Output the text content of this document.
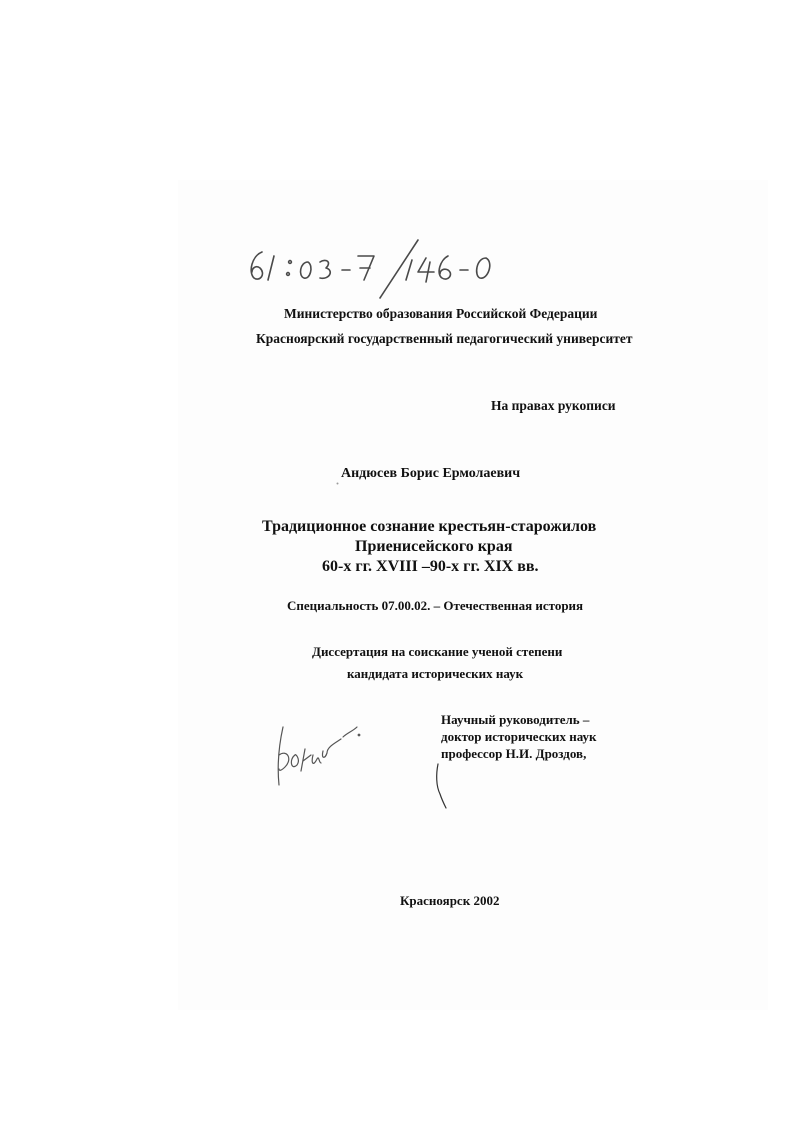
Министерство образования Российской Федерации
Красноярский государственный педагогический университет
На правах рукописи
Андюсев Борис Ермолаевич
Традиционное сознание крестьян-старожилов
Приенисейского края
60-х гг. XVIII –90-х гг. XIX вв.
Специальность 07.00.02. – Отечественная история
Диссертация на соискание ученой степени
кандидата исторических наук
Научный руководитель –
доктор исторических наук
профессор Н.И. Дроздов,
Красноярск 2002
